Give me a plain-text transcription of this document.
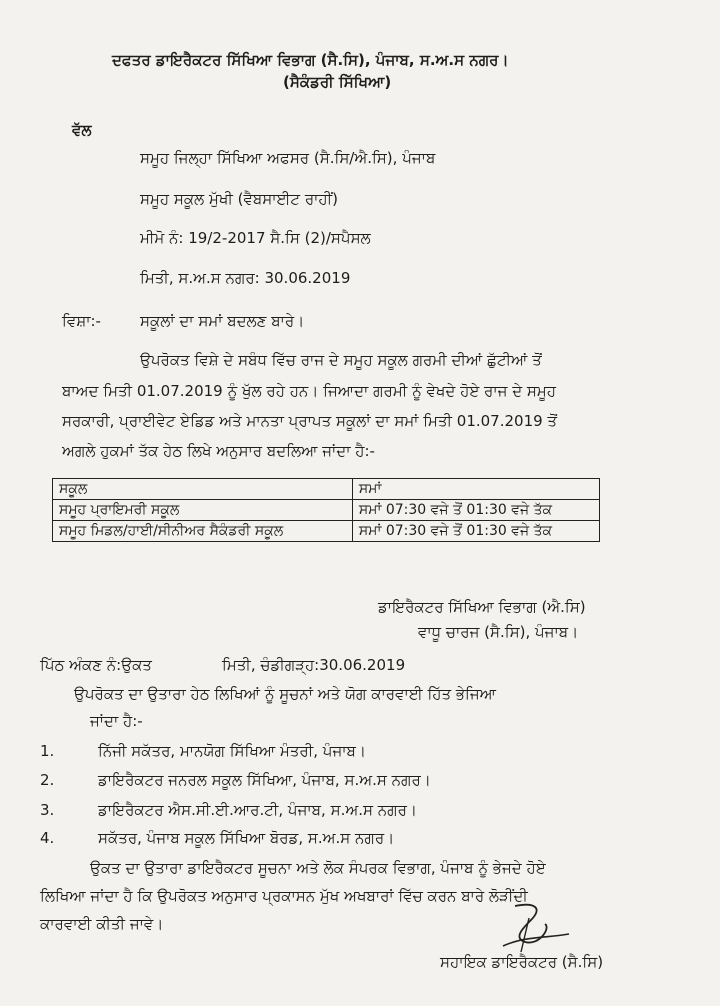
ਦਫਤਰ ਡਾਇਰੈਕਟਰ ਸਿੱਖਿਆ ਵਿਭਾਗ (ਸੈ.ਸਿ), ਪੰਜਾਬ, ਸ.ਅ.ਸ ਨਗਰ।
(ਸੈਕੰਡਰੀ ਸਿੱਖਿਆ)
ਵੱਲ
ਸਮੂਹ ਜਿਲ੍ਹਾ ਸਿੱਖਿਆ ਅਫਸਰ (ਸੈ.ਸਿ/ਐ.ਸਿ), ਪੰਜਾਬ
ਸਮੂਹ ਸਕੂਲ ਮੁੱਖੀ (ਵੈਬਸਾਈਟ ਰਾਹੀਂ)
ਮੀਮੋ ਨੰ: 19/2-2017 ਸੈ.ਸਿ (2)/ਸਪੈਸਲ
ਮਿਤੀ, ਸ.ਅ.ਸ ਨਗਰ: 30.06.2019
ਵਿਸ਼ਾ:-	ਸਕੂਲਾਂ ਦਾ ਸਮਾਂ ਬਦਲਣ ਬਾਰੇ।
ਉਪਰੋਕਤ ਵਿਸ਼ੇ ਦੇ ਸਬੰਧ ਵਿੱਚ ਰਾਜ ਦੇ ਸਮੂਹ ਸਕੂਲ ਗਰਮੀ ਦੀਆਂ ਛੁੱਟੀਆਂ ਤੋਂ
ਬਾਅਦ ਮਿਤੀ 01.07.2019 ਨੂੰ ਖੁੱਲ ਰਹੇ ਹਨ। ਜਿਆਦਾ ਗਰਮੀ ਨੂੰ ਵੇਖਦੇ ਹੋਏ ਰਾਜ ਦੇ ਸਮੂਹ
ਸਰਕਾਰੀ, ਪ੍ਰਾਈਵੇਟ ਏਡਿਡ ਅਤੇ ਮਾਨਤਾ ਪ੍ਰਾਪਤ ਸਕੂਲਾਂ ਦਾ ਸਮਾਂ ਮਿਤੀ 01.07.2019 ਤੋਂ
ਅਗਲੇ ਹੁਕਮਾਂ ਤੱਕ ਹੇਠ ਲਿਖੇ ਅਨੁਸਾਰ ਬਦਲਿਆ ਜਾਂਦਾ ਹੈ:-
ਸਕੂਲ	ਸਮਾਂ
ਸਮੂਹ ਪ੍ਰਾਇਮਰੀ ਸਕੂਲ	ਸਮਾਂ 07:30 ਵਜੇ ਤੋਂ 01:30 ਵਜੇ ਤੱਕ
ਸਮੂਹ ਮਿਡਲ/ਹਾਈ/ਸੀਨੀਅਰ ਸੈਕੰਡਰੀ ਸਕੂਲ	ਸਮਾਂ 07:30 ਵਜੇ ਤੋਂ 01:30 ਵਜੇ ਤੱਕ
ਡਾਇਰੈਕਟਰ ਸਿੱਖਿਆ ਵਿਭਾਗ (ਐ.ਸਿ)
ਵਾਧੂ ਚਾਰਜ (ਸੈ.ਸਿ), ਪੰਜਾਬ।
ਪਿੱਠ ਅੰਕਣ ਨੰ:ਉਕਤ	ਮਿਤੀ, ਚੰਡੀਗੜ੍ਹ:30.06.2019
ਉਪਰੋਕਤ ਦਾ ਉਤਾਰਾ ਹੇਠ ਲਿਖਿਆਂ ਨੂੰ ਸੂਚਨਾਂ ਅਤੇ ਯੋਗ ਕਾਰਵਾਈ ਹਿੱਤ ਭੇਜਿਆ
ਜਾਂਦਾ ਹੈ:-
1.	ਨਿੱਜੀ ਸਕੱਤਰ, ਮਾਨਯੋਗ ਸਿੱਖਿਆ ਮੰਤਰੀ, ਪੰਜਾਬ।
2.	ਡਾਇਰੈਕਟਰ ਜਨਰਲ ਸਕੂਲ ਸਿੱਖਿਆ, ਪੰਜਾਬ, ਸ.ਅ.ਸ ਨਗਰ।
3.	ਡਾਇਰੈਕਟਰ ਐਸ.ਸੀ.ਈ.ਆਰ.ਟੀ, ਪੰਜਾਬ, ਸ.ਅ.ਸ ਨਗਰ।
4.	ਸਕੱਤਰ, ਪੰਜਾਬ ਸਕੂਲ ਸਿੱਖਿਆ ਬੋਰਡ, ਸ.ਅ.ਸ ਨਗਰ।
ਉਕਤ ਦਾ ਉਤਾਰਾ ਡਾਇਰੈਕਟਰ ਸੂਚਨਾ ਅਤੇ ਲੋਕ ਸੰਪਰਕ ਵਿਭਾਗ, ਪੰਜਾਬ ਨੂੰ ਭੇਜਦੇ ਹੋਏ
ਲਿਖਿਆ ਜਾਂਦਾ ਹੈ ਕਿ ਉਪਰੋਕਤ ਅਨੁਸਾਰ ਪ੍ਰਕਾਸਨ ਮੁੱਖ ਅਖਬਾਰਾਂ ਵਿੱਚ ਕਰਨ ਬਾਰੇ ਲੋੜੀਂਦੀ
ਕਾਰਵਾਈ ਕੀਤੀ ਜਾਵੇ।
ਸਹਾਇਕ ਡਾਇਰੈਕਟਰ (ਸੈ.ਸਿ)
